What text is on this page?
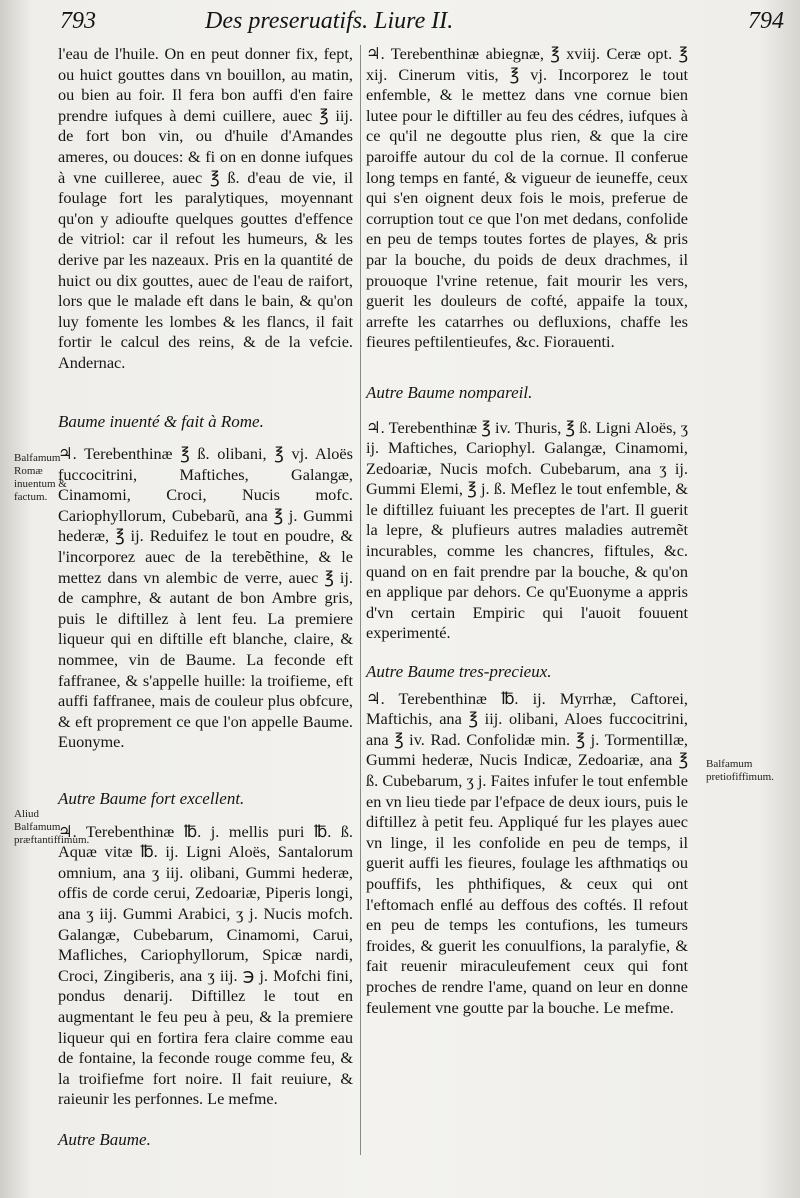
793	Des preseruatifs. Liure II.	794

l'eau de l'huile. On en peut donner fix, fept, ou huict gouttes dans vn bouillon, au matin, ou bien au foir. Il fera bon auffi d'en faire prendre iufques à demi cuillere, auec ℥ iij. de fort bon vin, ou d'huile d'Amandes ameres, ou douces: & fi on en donne iufques à vne cuilleree, auec ℥ ß. d'eau de vie, il foulage fort les paralytiques, moyennant qu'on y adioufte quelques gouttes d'effence de vitriol: car il refout les humeurs, & les derive par les nazeaux. Pris en la quantité de huict ou dix gouttes, auec de l'eau de raifort, lors que le malade eft dans le bain, & qu'on luy fomente les lombes & les flancs, il fait fortir le calcul des reins, & de la vefcie. Andernac.

Baume inuenté & fait à Rome.

♃. Terebenthinæ ℥ ß. olibani, ℥ vj. Aloës fuccocitrini, Maftiches, Galangæ, Cinamomi, Croci, Nucis mofc. Cariophyllorum, Cubebarũ, ana ℥ j. Gummi hederæ, ℥ ij. Reduifez le tout en poudre, & l'incorporez auec de la terebẽthine, & le mettez dans vn alembic de verre, auec ℥ ij. de camphre, & autant de bon Ambre gris, puis le diftillez à lent feu. La premiere liqueur qui en diftille eft blanche, claire, & nommee, vin de Baume. La feconde eft faffranee, & s'appelle huille: la troifieme, eft auffi faffranee, mais de couleur plus obfcure, & eft proprement ce que l'on appelle Baume. Euonyme.

Autre Baume fort excellent.

♃. Terebenthinæ ℔. j. mellis puri ℔. ß. Aquæ vitæ ℔. ij. Ligni Aloës, Santalorum omnium, ana ʒ iij. olibani, Gummi hederæ, offis de corde cerui, Zedoariæ, Piperis longi, ana ʒ iij. Gummi Arabici, ʒ j. Nucis mofch. Galangæ, Cubebarum, Cinamomi, Carui, Mafliches, Cariophyllorum, Spicæ nardi, Croci, Zingiberis, ana ʒ iij. ℈ j. Mofchi fini, pondus denarij. Diftillez le tout en augmentant le feu peu à peu, & la premiere liqueur qui en fortira fera claire comme eau de fontaine, la feconde rouge comme feu, & la troifiefme fort noire. Il fait reuiure, & raieunir les perfonnes. Le mefme.

Autre Baume.

♃. Terebenthinæ abiegnæ, ℥ xviij. Ceræ opt. ℥ xij. Cinerum vitis, ℥ vj. Incorporez le tout enfemble, & le mettez dans vne cornue bien lutee pour le diftiller au feu des cédres, iufques à ce qu'il ne degoutte plus rien, & que la cire paroiffe autour du col de la cornue. Il conferue long temps en fanté, & vigueur de ieuneffe, ceux qui s'en oignent deux fois le mois, preferue de corruption tout ce que l'on met dedans, confolide en peu de temps toutes fortes de playes, & pris par la bouche, du poids de deux drachmes, il prouoque l'vrine retenue, fait mourir les vers, guerit les douleurs de cofté, appaife la toux, arrefte les catarrhes ou defluxions, chaffe les fieures peftilentieufes, &c. Fiorauenti.

Autre Baume nompareil.

♃. Terebenthinæ ℥ iv. Thuris, ℥ ß. Ligni Aloës, ʒ ij. Maftiches, Cariophyl. Galangæ, Cinamomi, Zedoariæ, Nucis mofch. Cubebarum, ana ʒ ij. Gummi Elemi, ℥ j. ß. Meflez le tout enfemble, & le diftillez fuiuant les preceptes de l'art. Il guerit la lepre, & plufieurs autres maladies autremẽt incurables, comme les chancres, fiftules, &c. quand on en fait prendre par la bouche, & qu'on en applique par dehors. Ce qu'Euonyme a appris d'vn certain Empiric qui l'auoit fouuent experimenté.

Autre Baume tres-precieux.

♃. Terebenthinæ ℔. ij. Myrrhæ, Caftorei, Maftichis, ana ℥ iij. olibani, Aloes fuccocitrini, ana ℥ iv. Rad. Confolidæ min. ℥ j. Tormentillæ, Gummi hederæ, Nucis Indicæ, Zedoariæ, ana ℥ ß. Cubebarum, ʒ j. Faites infufer le tout enfemble en vn lieu tiede par l'efpace de deux iours, puis le diftillez à petit feu. Appliqué fur les playes auec vn linge, il les confolide en peu de temps, il guerit auffi les fieures, foulage les afthmatiqs ou pouffifs, les phthifiques, & ceux qui ont l'eftomach enflé au deffous des coftés. Il refout en peu de temps les contufions, les tumeurs froides, & guerit les conuulfions, la paralyfie, & fait reuenir miraculeufement ceux qui font proches de rendre l'ame, quand on leur en donne feulement vne goutte par la bouche. Le mefme.

Balfamum Romæ inuentum & factum.
Aliud Balfamum præftantiffimum.
Balfamum pretiofiffimum.
